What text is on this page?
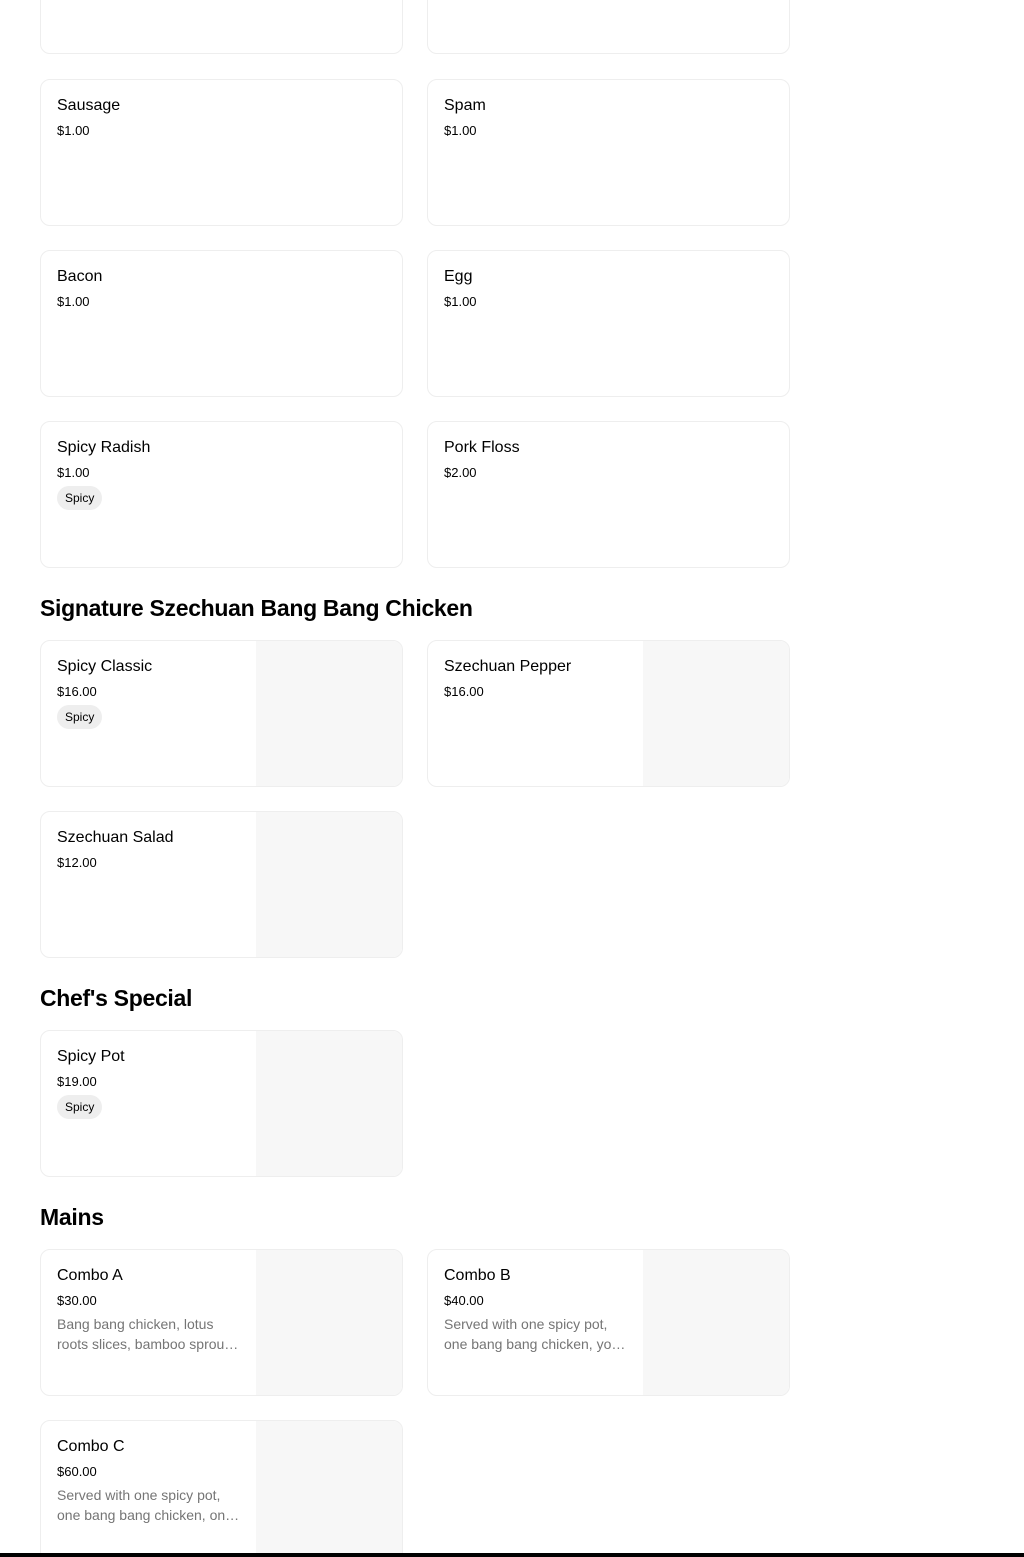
Sausage
$1.00
Spam
$1.00
Bacon
$1.00
Egg
$1.00
Spicy Radish
$1.00
Spicy
Pork Floss
$2.00
Signature Szechuan Bang Bang Chicken
Spicy Classic
$16.00
Spicy
Szechuan Pepper
$16.00
Szechuan Salad
$12.00
Chef's Special
Spicy Pot
$19.00
Spicy
Mains
Combo A
$30.00
Bang bang chicken, lotus
roots slices, bamboo sprou…
Combo B
$40.00
Served with one spicy pot,
one bang bang chicken, yo…
Combo C
$60.00
Served with one spicy pot,
one bang bang chicken, on…
